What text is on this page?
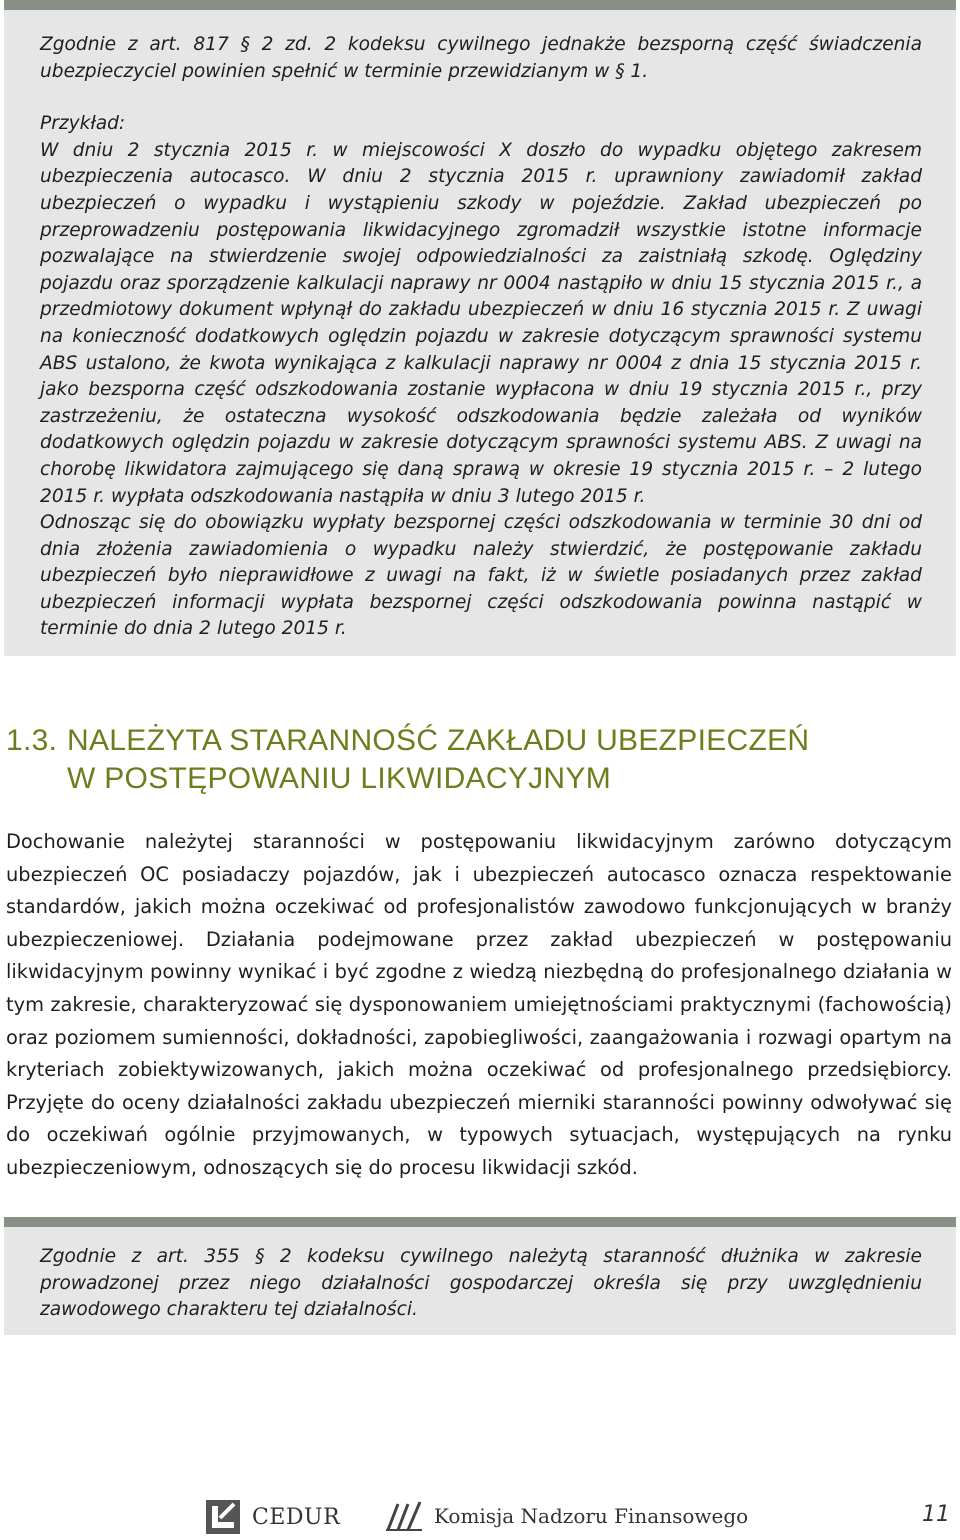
Zgodnie z art. 817 § 2 zd. 2 kodeksu cywilnego jednakże bezsporną część świadczenia ubezpieczyciel powinien spełnić w terminie przewidzianym w § 1.

Przykład:

W dniu 2 stycznia 2015 r. w miejscowości X doszło do wypadku objętego zakresem ubezpieczenia autocasco. W dniu 2 stycznia 2015 r. uprawniony zawiadomił zakład ubezpieczeń o wypadku i wystąpieniu szkody w pojeździe. Zakład ubezpieczeń po przeprowadzeniu postępowania likwidacyjnego zgromadził wszystkie istotne informacje pozwalające na stwierdzenie swojej odpowiedzialności za zaistniałą szkodę. Oględziny pojazdu oraz sporządzenie kalkulacji naprawy nr 0004 nastąpiło w dniu 15 stycznia 2015 r., a przedmiotowy dokument wpłynął do zakładu ubezpieczeń w dniu 16 stycznia 2015 r. Z uwagi na konieczność dodatkowych oględzin pojazdu w zakresie dotyczącym sprawności systemu ABS ustalono, że kwota wynikająca z kalkulacji naprawy nr 0004 z dnia 15 stycznia 2015 r. jako bezsporna część odszkodowania zostanie wypłacona w dniu 19 stycznia 2015 r., przy zastrzeżeniu, że ostateczna wysokość odszkodowania będzie zależała od wyników dodatkowych oględzin pojazdu w zakresie dotyczącym sprawności systemu ABS. Z uwagi na chorobę likwidatora zajmującego się daną sprawą w okresie 19 stycznia 2015 r. – 2 lutego 2015 r. wypłata odszkodowania nastąpiła w dniu 3 lutego 2015 r.

Odnosząc się do obowiązku wypłaty bezspornej części odszkodowania w terminie 30 dni od dnia złożenia zawiadomienia o wypadku należy stwierdzić, że postępowanie zakładu ubezpieczeń było nieprawidłowe z uwagi na fakt, iż w świetle posiadanych przez zakład ubezpieczeń informacji wypłata bezspornej części odszkodowania powinna nastąpić w terminie do dnia 2 lutego 2015 r.

1.3. NALEŻYTA STARANNOŚĆ ZAKŁADU UBEZPIECZEŃ
W POSTĘPOWANIU LIKWIDACYJNYM

Dochowanie należytej staranności w postępowaniu likwidacyjnym zarówno dotyczącym ubezpieczeń OC posiadaczy pojazdów, jak i ubezpieczeń autocasco oznacza respektowanie standardów, jakich można oczekiwać od profesjonalistów zawodowo funkcjonujących w branży ubezpieczeniowej. Działania podejmowane przez zakład ubezpieczeń w postępowaniu likwidacyjnym powinny wynikać i być zgodne z wiedzą niezbędną do profesjonalnego działania w tym zakresie, charakteryzować się dysponowaniem umiejętnościami praktycznymi (fachowością) oraz poziomem sumienności, dokładności, zapobiegliwości, zaangażowania i rozwagi opartym na kryteriach zobiektywizowanych, jakich można oczekiwać od profesjonalnego przedsiębiorcy. Przyjęte do oceny działalności zakładu ubezpieczeń mierniki staranności powinny odwoływać się do oczekiwań ogólnie przyjmowanych, w typowych sytuacjach, występujących na rynku ubezpieczeniowym, odnoszących się do procesu likwidacji szkód.

Zgodnie z art. 355 § 2 kodeksu cywilnego należytą staranność dłużnika w zakresie prowadzonej przez niego działalności gospodarczej określa się przy uwzględnieniu zawodowego charakteru tej działalności.

CEDUR	Komisja Nadzoru Finansowego	11
